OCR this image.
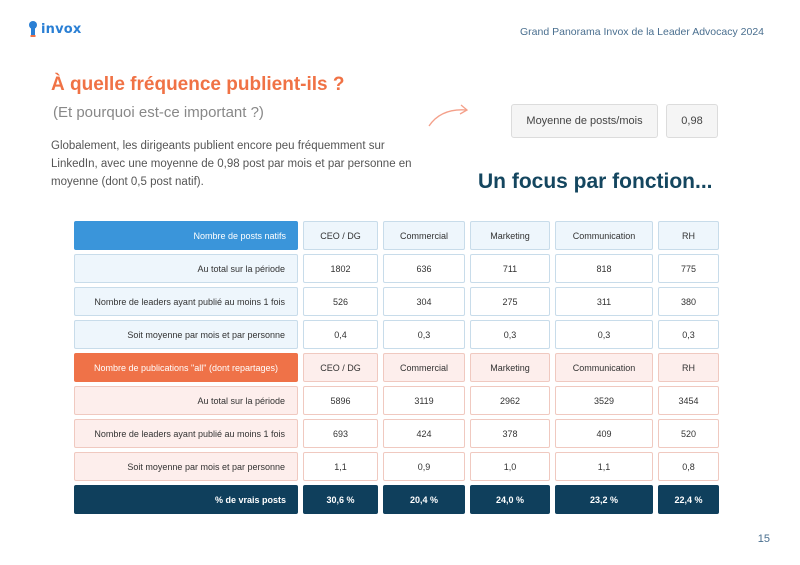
invox	Grand Panorama Invox de la Leader Advocacy 2024
À quelle fréquence publient-ils ?
(Et pourquoi est-ce important ?)
Globalement, les dirigeants publient encore peu fréquemment sur LinkedIn, avec une moyenne de 0,98 post par mois et par personne en moyenne (dont 0,5 post natif).
Moyenne de posts/mois	0,98
Un focus par fonction...
Nombre de posts natifs	CEO / DG	Commercial	Marketing	Communication	RH
Au total sur la période	1802	636	711	818	775
Nombre de leaders ayant publié au moins 1 fois	526	304	275	311	380
Soit moyenne par mois et par personne	0,4	0,3	0,3	0,3	0,3
Nombre de publications "all" (dont repartages)	CEO / DG	Commercial	Marketing	Communication	RH
Au total sur la période	5896	3119	2962	3529	3454
Nombre de leaders ayant publié au moins 1 fois	693	424	378	409	520
Soit moyenne par mois et par personne	1,1	0,9	1,0	1,1	0,8
% de vrais posts	30,6 %	20,4 %	24,0 %	23,2 %	22,4 %
15
